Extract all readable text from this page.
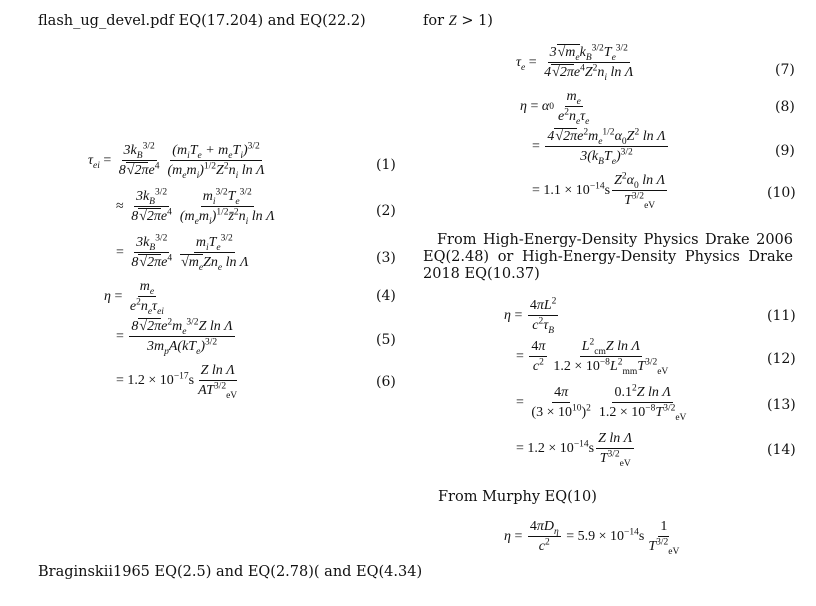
flash_ug_devel.pdf EQ(17.204) and EQ(22.2)	for Z > 1)
$\tau_{ei} = \frac{3k_B^{3/2}}{8√2\pi e^4} \frac{(m_iT_e + m_eT_i)^{3/2}}{(m_em_i)^{1/2}Z^2n_i \ln \Lambda}$	(1)
≈ $\frac{3k_B^{3/2}}{8√2\pi e^4} \frac{m_i^{3/2}T_e^{3/2}}{(m_em_i)^{1/2}z̄^2n_i \ln \Lambda}$	(2)
= $\frac{3k_B^{3/2}}{8√2\pi e^4} \frac{m_iT_e^{3/2}}{√m_eZn_e \ln \Lambda}$	(3)
$\eta = \frac{m_e}{e^2n_e\tau_{ei}}$	(4)
= $\frac{8√2\pi e^2m_e^{3/2}Z \ln \Lambda}{3m_pA(kT_e)^{3/2}}$	(5)
= $1.2 \times 10^{-17}s \frac{\text{Z ln Λ}}{AT^{3/2}_{eV}}$	(6)
Braginskii1965 EQ(2.5) and EQ(2.78)( and EQ(4.34)
$\tau_e = \frac{3√m_ek_B^{3/2}T_e^{3/2}}{4√2\pi e^4Z^2n_i \ln \Lambda}$	(7)
η = α $0 \frac{m_e}{e^2n_e\tau_e}$	(8)
= $\frac{4√2\pi e^2m_e^{1/2}\alpha_0Z^2 \ln \Lambda}{3(k_BT_e)^{3/2}}$	(9)
= $1.1 \times 10^{-14}s \frac{Z^2\alpha_0 \ln \Lambda}{T^{3/2}_{eV}}$	(10)
From High-Energy-Density Physics Drake 2006 EQ(2.48) or High-Energy-Density Physics Drake 2018 EQ(10.37)
$\eta = \frac{4\pi L^2}{c^2\tau_B}$	(11)
= $\frac{4\pi}{c^2} \frac{L^2_{cm}Z \ln \Lambda}{1.2 \times 10^{-8}L^2_{mm}T^{3/2}_{eV}}$	(12)
= $\frac{4\pi}{(3 \times 10^{10})^2} \frac{0.1^2Z \ln \Lambda}{1.2 \times 10^{-8}T^{3/2}_{eV}}$	(13)
= $1.2 \times 10^{-14}s \frac{\text{Z ln Λ}}{T^{3/2}_{eV}}$	(14)
From Murphy EQ(10)
$\eta = \frac{4\pi D_\eta}{c^2} = 5.9 \times 10^{-14}s \frac{1}{T^{3/2}_{eV}}$
